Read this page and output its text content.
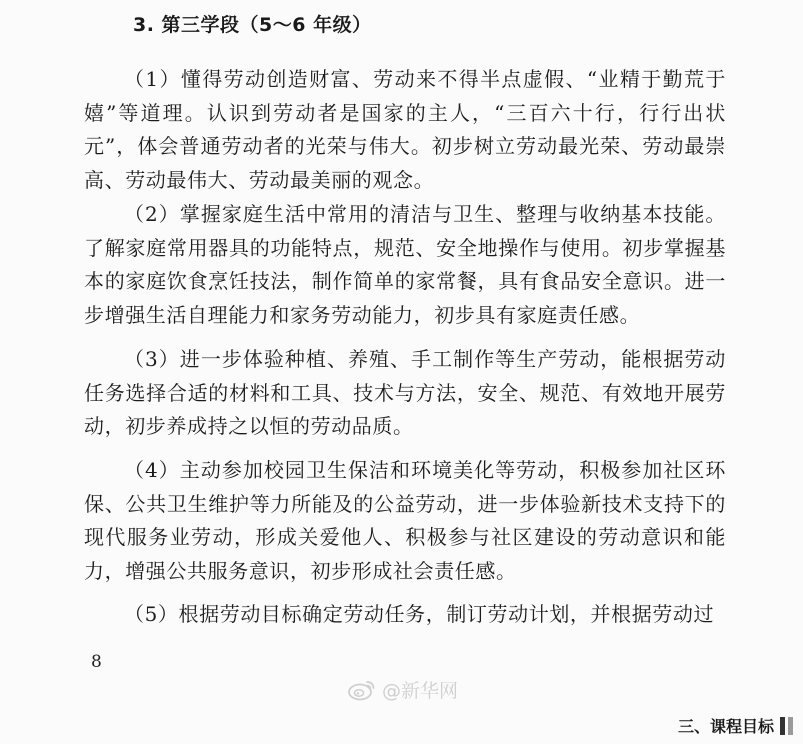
3. 第三学段（5～6 年级）
（1）懂得劳动创造财富、劳动来不得半点虚假、“业精于勤荒于嬉”等道理。认识到劳动者是国家的主人，“三百六十行，行行出状元”，体会普通劳动者的光荣与伟大。初步树立劳动最光荣、劳动最崇高、劳动最伟大、劳动最美丽的观念。
（2）掌握家庭生活中常用的清洁与卫生、整理与收纳基本技能。了解家庭常用器具的功能特点，规范、安全地操作与使用。初步掌握基本的家庭饮食烹饪技法，制作简单的家常餐，具有食品安全意识。进一步增强生活自理能力和家务劳动能力，初步具有家庭责任感。
（3）进一步体验种植、养殖、手工制作等生产劳动，能根据劳动任务选择合适的材料和工具、技术与方法，安全、规范、有效地开展劳动，初步养成持之以恒的劳动品质。
（4）主动参加校园卫生保洁和环境美化等劳动，积极参加社区环保、公共卫生维护等力所能及的公益劳动，进一步体验新技术支持下的现代服务业劳动，形成关爱他人、积极参与社区建设的劳动意识和能力，增强公共服务意识，初步形成社会责任感。
（5）根据劳动目标确定劳动任务，制订劳动计划，并根据劳动过
8
@新华网
三、课程目标
